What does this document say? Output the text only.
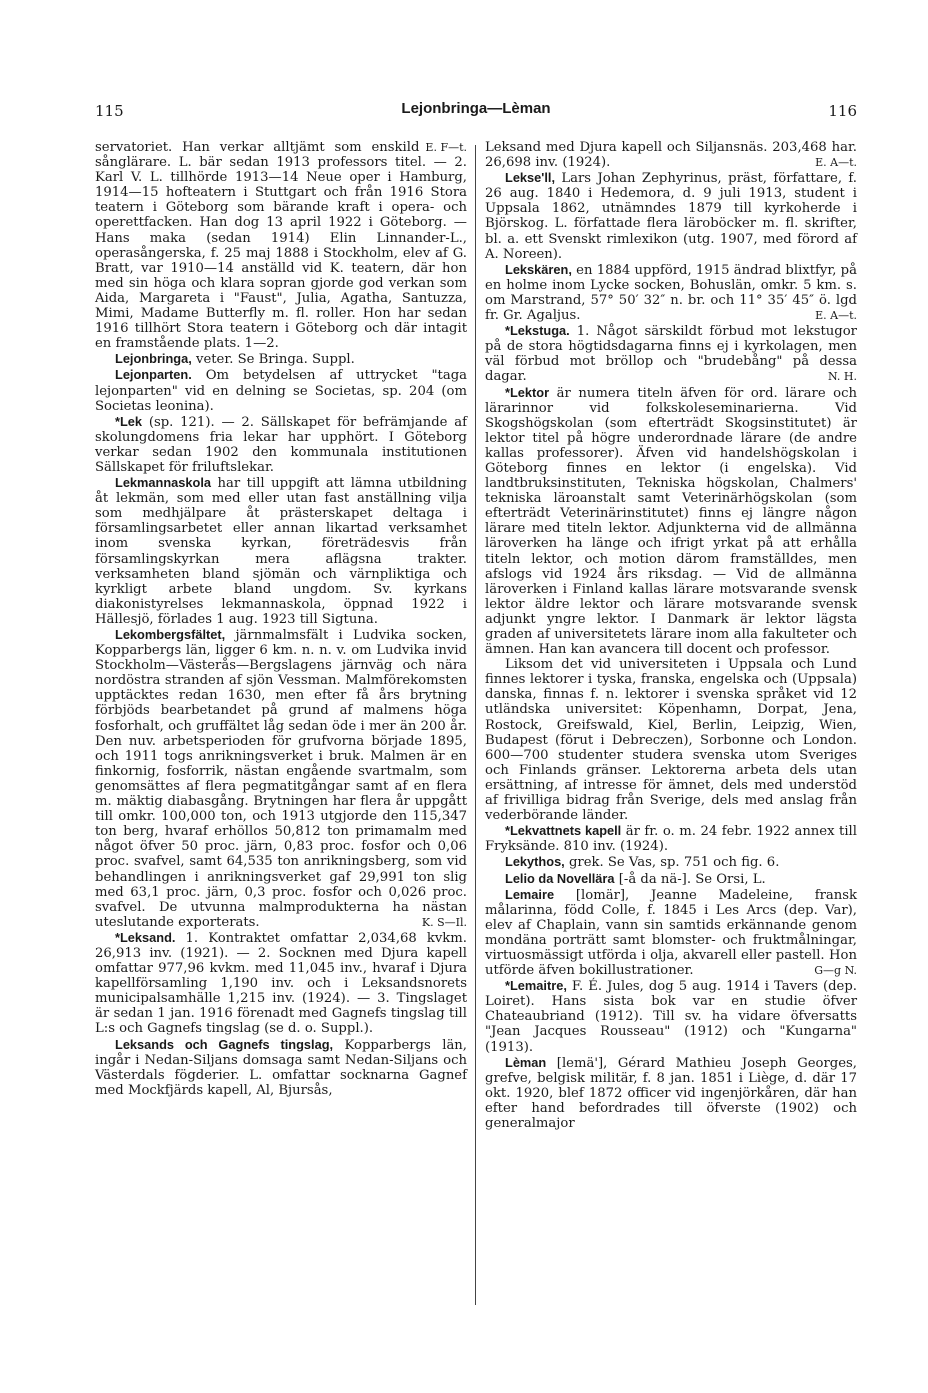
115	Lejonbringa—Lèman	116

E. F—t.
servatoriet. Han verkar alltjämt som enskild sånglärare. L. bär sedan 1913 professors titel. — 2. Karl V. L. tillhörde 1913—14 Neue oper i Hamburg, 1914—15 hofteatern i Stuttgart och från 1916 Stora teatern i Göteborg som bärande kraft i opera- och operettfacken. Han dog 13 april 1922 i Göteborg. — Hans maka (sedan 1914) Elin Linnander-L., operasångerska, f. 25 maj 1888 i Stockholm, elev af G. Bratt, var 1910—14 anställd vid K. teatern, där hon med sin höga och klara sopran gjorde god verkan som Aida, Margareta i "Faust", Julia, Agatha, Santuzza, Mimi, Madame Butterfly m. fl. roller. Hon har sedan 1916 tillhört Stora teatern i Göteborg och där intagit en framstående plats. 1—2.

Lejonbringa, veter. Se Bringa. Suppl.

Lejonparten. Om betydelsen af uttrycket "taga lejonparten" vid en delning se Societas, sp. 204 (om Societas leonina).

*Lek (sp. 121). — 2. Sällskapet för befrämjande af skolungdomens fria lekar har upphört. I Göteborg verkar sedan 1902 den kommunala institutionen Sällskapet för friluftslekar.

Lekmannaskola har till uppgift att lämna utbildning åt lekmän, som med eller utan fast anställning vilja som medhjälpare åt prästerskapet deltaga i församlingsarbetet eller annan likartad verksamhet inom svenska kyrkan, företrädesvis från församlingskyrkan mera aflägsna trakter. verksamheten bland sjömän och värnpliktiga och kyrkligt arbete bland ungdom. Sv. kyrkans diakonistyrelses lekmannaskola, öppnad 1922 i Hällesjö, förlades 1 aug. 1923 till Sigtuna.

Lekombergsfältet, järnmalmsfält i Ludvika socken, Kopparbergs län, ligger 6 km. n. n. v. om Ludvika invid Stockholm—Västerås—Bergslagens järnväg och nära nordöstra stranden af sjön Vessman. Malmförekomsten upptäcktes redan 1630, men efter få års brytning förbjöds bearbetandet på grund af malmens höga fosforhalt, och gruffältet låg sedan öde i mer än 200 år. Den nuv. arbetsperioden för grufvorna började 1895, och 1911 togs anrikningsverket i bruk. Malmen är en finkornig, fosforrik, nästan engående svartmalm, som genomsättes af flera pegmatitgångar samt af en flera m. mäktig diabasgång. Brytningen har flera år uppgått till omkr. 100,000 ton, och 1913 utgjorde den 115,347 ton berg, hvaraf erhöllos 50,812 ton primamalm med något öfver 50 proc. järn, 0,83 proc. fosfor och 0,06 proc. svafvel, samt 64,535 ton anrikningsberg, som vid behandlingen i anrikningsverket gaf 29,991 ton slig med 63,1 proc. järn, 0,3 proc. fosfor och 0,026 proc. svafvel. De utvunna malmprodukterna ha nästan uteslutande exporterats.	K. S—Il.

*Leksand. 1. Kontraktet omfattar 2,034,68 kvkm. 26,913 inv. (1921). — 2. Socknen med Djura kapell omfattar 977,96 kvkm. med 11,045 inv., hvaraf i Djura kapellförsamling 1,190 inv. och i Leksandsnorets municipalsamhälle 1,215 inv. (1924). — 3. Tingslaget är sedan 1 jan. 1916 förenadt med Gagnefs tingslag till L:s och Gagnefs tingslag (se d. o. Suppl.).

Leksands och Gagnefs tingslag, Kopparbergs län, ingår i Nedan-Siljans domsaga samt Nedan-Siljans och Västerdals fögderier. L. omfattar socknarna Gagnef med Mockfjärds kapell, Al, Bjursås,

Leksand med Djura kapell och Siljansnäs. 203,468 har. 26,698 inv. (1924).	E. A—t.

Lekse'll, Lars Johan Zephyrinus, präst, författare, f. 26 aug. 1840 i Hedemora, d. 9 juli 1913, student i Uppsala 1862, utnämndes 1879 till kyrkoherde i Björskog. L. författade flera läroböcker m. fl. skrifter, bl. a. ett Svenskt rimlexikon (utg. 1907, med förord af A. Noreen).

Lekskären, en 1884 uppförd, 1915 ändrad blixtfyr, på en holme inom Lycke socken, Bohuslän, omkr. 5 km. s. om Marstrand, 57° 50′ 32″ n. br. och 11° 35′ 45″ ö. lgd fr. Gr. Agaljus.	E. A—t.

*Lekstuga. 1. Något särskildt förbud mot lekstugor på de stora högtidsdagarna finns ej i kyrkolagen, men väl förbud mot bröllop och "brudebång" på dessa dagar.	N. H.

*Lektor är numera titeln äfven för ord. lärare och lärarinnor vid folkskoleseminarierna. Vid Skogshögskolan (som efterträdt Skogsinstitutet) är lektor titel på högre underordnade lärare (de andre kallas professorer). Äfven vid handelshögskolan i Göteborg finnes en lektor (i engelska). Vid landtbruksinstituten, Tekniska högskolan, Chalmers' tekniska läroanstalt samt Veterinärhögskolan (som efterträdt Veterinärinstitutet) finns ej längre någon lärare med titeln lektor. Adjunkterna vid de allmänna läroverken ha länge och ifrigt yrkat på att erhålla titeln lektor, och motion därom framställdes, men afslogs vid 1924 års riksdag. — Vid de allmänna läroverken i Finland kallas lärare motsvarande svensk lektor äldre lektor och lärare motsvarande svensk adjunkt yngre lektor. I Danmark är lektor lägsta graden af universitetets lärare inom alla fakulteter och ämnen. Han kan avancera till docent och professor.

Liksom det vid universiteten i Uppsala och Lund finnes lektorer i tyska, franska, engelska och (Uppsala) danska, finnas f. n. lektorer i svenska språket vid 12 utländska universitet: Köpenhamn, Dorpat, Jena, Rostock, Greifswald, Kiel, Berlin, Leipzig, Wien, Budapest (förut i Debreczen), Sorbonne och London. 600—700 studenter studera svenska utom Sveriges och Finlands gränser. Lektorerna arbeta dels utan ersättning, af intresse för ämnet, dels med understöd af frivilliga bidrag från Sverige, dels med anslag från vederbörande länder.

*Lekvattnets kapell är fr. o. m. 24 febr. 1922 annex till Fryksände. 810 inv. (1924).

Lekythos, grek. Se Vas, sp. 751 och fig. 6.

Lelio da Novellära [-å da nä-]. Se Orsi, L.

Lemaire [lomär], Jeanne Madeleine, fransk målarinna, född Colle, f. 1845 i Les Arcs (dep. Var), elev af Chaplain, vann sin samtids erkännande genom mondäna porträtt samt blomster- och fruktmålningar, virtuosmässigt utförda i olja, akvarell eller pastell. Hon utförde äfven bokillustrationer.	G—g N.

*Lemaitre, F. É. Jules, dog 5 aug. 1914 i Tavers (dep. Loiret). Hans sista bok var en studie öfver Chateaubriand (1912). Till sv. ha vidare öfversatts "Jean Jacques Rousseau" (1912) och "Kungarna" (1913).

Lèman [lemä'], Gérard Mathieu Joseph Georges, grefve, belgisk militär, f. 8 jan. 1851 i Liège, d. där 17 okt. 1920, blef 1872 officer vid ingenjörkåren, där han efter hand befordrades till öfverste (1902) och generalmajor
